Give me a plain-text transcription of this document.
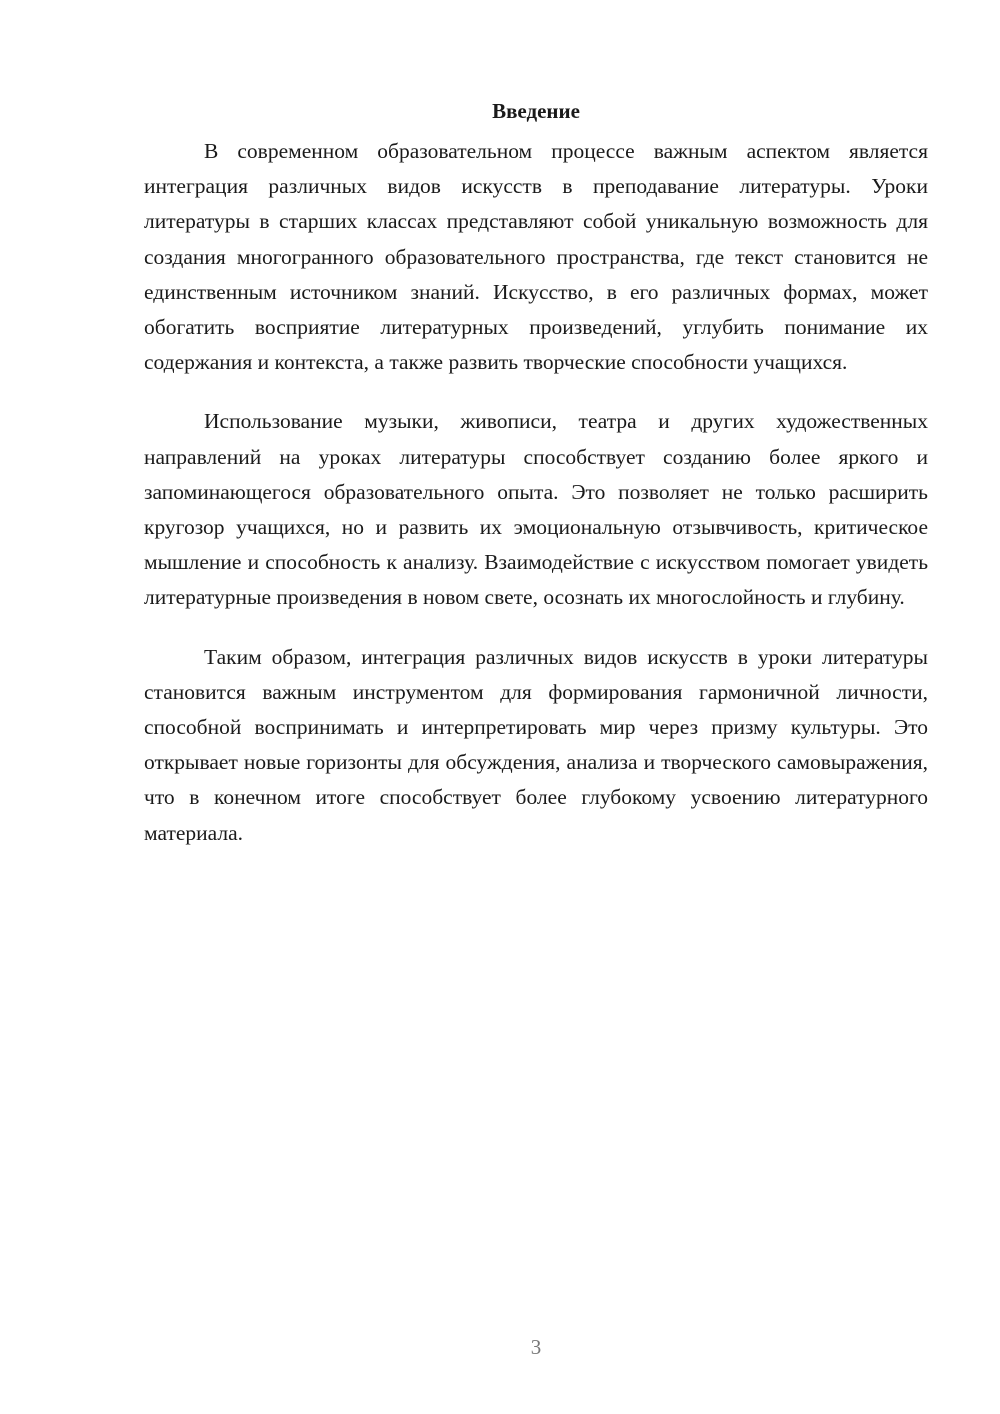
Введение

В современном образовательном процессе важным аспектом является интеграция различных видов искусств в преподавание литературы. Уроки литературы в старших классах представляют собой уникальную возможность для создания многогранного образовательного пространства, где текст становится не единственным источником знаний. Искусство, в его различных формах, может обогатить восприятие литературных произведений, углубить понимание их содержания и контекста, а также развить творческие способности учащихся.

Использование музыки, живописи, театра и других художественных направлений на уроках литературы способствует созданию более яркого и запоминающегося образовательного опыта. Это позволяет не только расширить кругозор учащихся, но и развить их эмоциональную отзывчивость, критическое мышление и способность к анализу. Взаимодействие с искусством помогает увидеть литературные произведения в новом свете, осознать их многослойность и глубину.

Таким образом, интеграция различных видов искусств в уроки литературы становится важным инструментом для формирования гармоничной личности, способной воспринимать и интерпретировать мир через призму культуры. Это открывает новые горизонты для обсуждения, анализа и творческого самовыражения, что в конечном итоге способствует более глубокому усвоению литературного материала.

3
